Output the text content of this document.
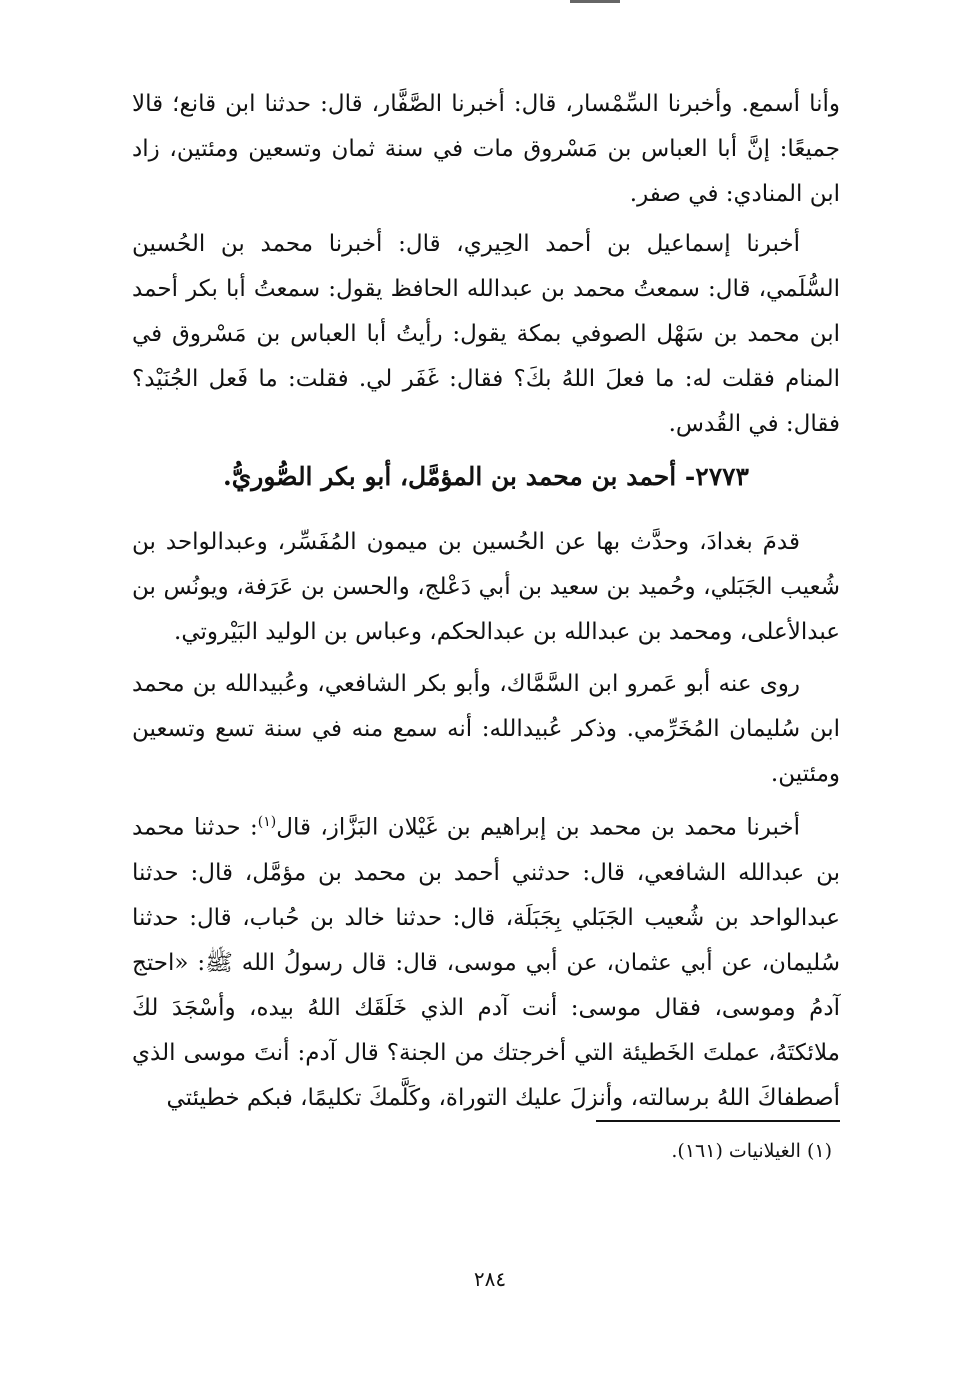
وأنا أسمع. وأخبرنا السِّمْسار، قال: أخبرنا الصَّفَّار، قال: حدثنا ابن قانع؛ قالا جميعًا: إنَّ أبا العباس بن مَسْروق مات في سنة ثمان وتسعين ومئتين، زاد ابن المنادي: في صفر.

أخبرنا إسماعيل بن أحمد الحِيري، قال: أخبرنا محمد بن الحُسين السُّلَمي، قال: سمعتُ محمد بن عبدالله الحافظ يقول: سمعتُ أبا بكر أحمد ابن محمد بن سَهْل الصوفي بمكة يقول: رأيتُ أبا العباس بن مَسْروق في المنام فقلت له: ما فعلَ اللهُ بكَ؟ فقال: غَفَر لي. فقلت: ما فَعل الجُنَيْد؟ فقال: في القُدس.

٢٧٧٣- أحمد بن محمد بن المؤمَّل، أبو بكر الصُّوريُّ.

قدمَ بغدادَ، وحدَّث بها عن الحُسين بن ميمون المُفَسِّر، وعبدالواحد بن شُعيب الجَبَلي، وحُميد بن سعيد بن أبي دَعْلج، والحسن بن عَرَفة، ويونُس بن عبدالأعلى، ومحمد بن عبدالله بن عبدالحكم، وعباس بن الوليد البَيْروتي.

روى عنه أبو عَمرو ابن السَّمَّاك، وأبو بكر الشافعي، وعُبيدالله بن محمد ابن سُليمان المُخَرِّمي. وذكر عُبيدالله: أنه سمع منه في سنة تسع وتسعين ومئتين.

أخبرنا محمد بن محمد بن إبراهيم بن غَيْلان البَزَّاز، قال$^{(١)}$: حدثنا محمد بن عبدالله الشافعي، قال: حدثني أحمد بن محمد بن مؤمَّل، قال: حدثنا عبدالواحد بن شُعيب الجَبَلي بِجَبَلَة، قال: حدثنا خالد بن حُباب، قال: حدثنا سُليمان، عن أبي عثمان، عن أبي موسى، قال: قال رسولُ الله ﷺ: «احتج آدمُ وموسى، فقال موسى: أنت آدم الذي خَلَقَك اللهُ بيده، وأسْجَدَ لكَ ملائكتَهُ، عملتَ الخَطيئة التي أخرجتك من الجنة؟ قال آدم: أنتَ موسى الذي أصطفاكَ اللهُ برسالته، وأنزلَ عليك التوراة، وكَلَّمكَ تكليمًا، فبكم خطيئتي

(١) الغيلانيات (١٦١).
٢٨٤
